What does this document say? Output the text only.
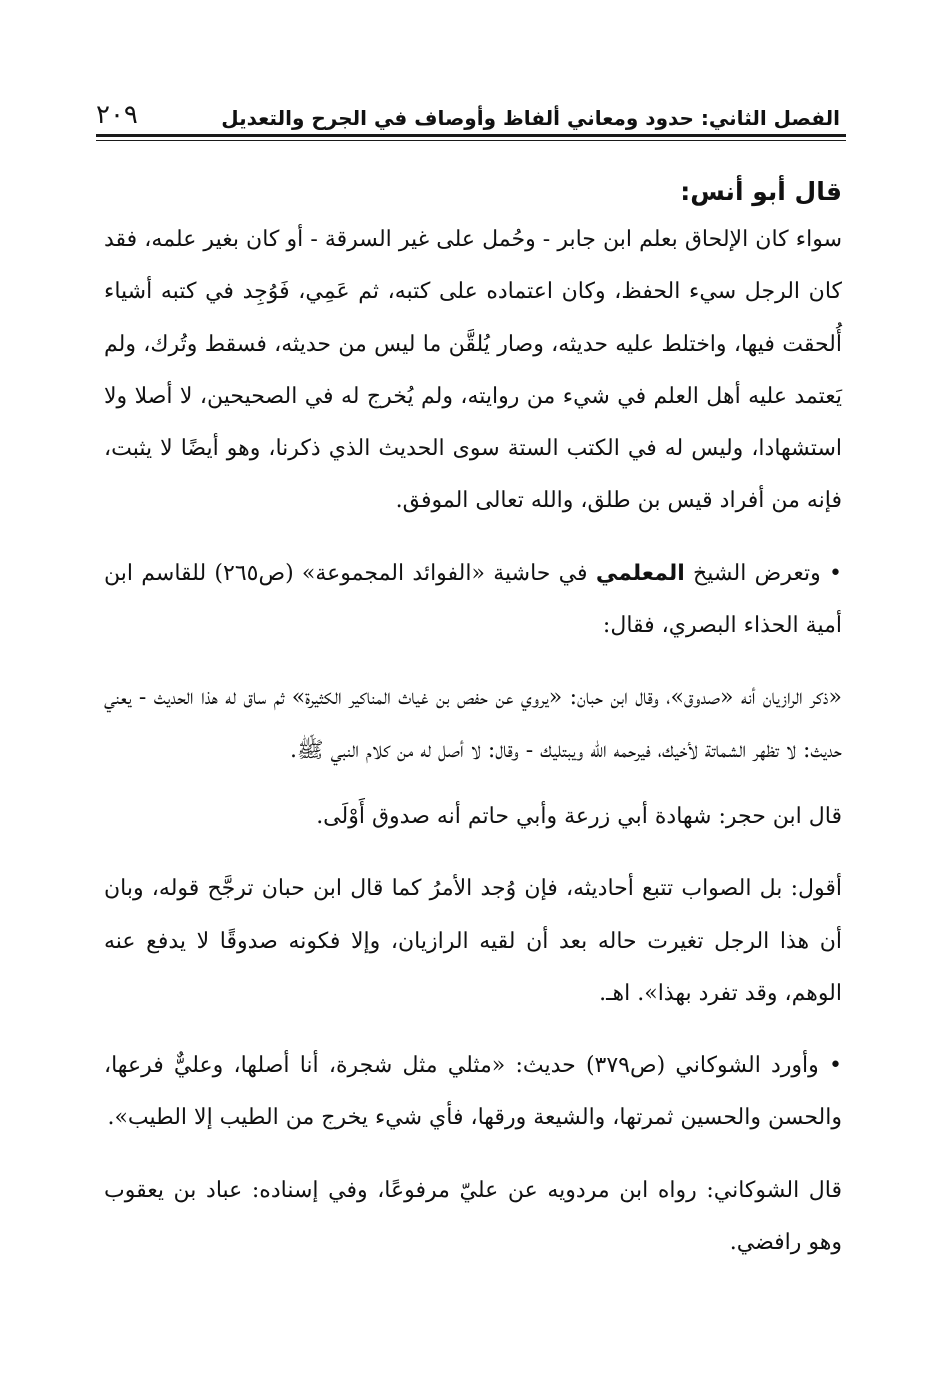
الفصل الثاني: حدود ومعاني ألفاظ وأوصاف في الجرح والتعديل
٢٠٩

قال أبو أنس:

سواء كان الإلحاق بعلم ابن جابر - وحُمل على غير السرقة - أو كان بغير علمه، فقد كان الرجل سيء الحفظ، وكان اعتماده على كتبه، ثم عَمِي، فَوُجِد في كتبه أشياء أُلحقت فيها، واختلط عليه حديثه، وصار يُلقَّن ما ليس من حديثه، فسقط وتُرك، ولم يَعتمد عليه أهل العلم في شيء من روايته، ولم يُخرج له في الصحيحين، لا أصلا ولا استشهادا، وليس له في الكتب الستة سوى الحديث الذي ذكرنا، وهو أيضًا لا يثبت، فإنه من أفراد قيس بن طلق، والله تعالى الموفق.

• وتعرض الشيخ المعلمي في حاشية «الفوائد المجموعة» (ص٢٦٥) للقاسم ابن أمية الحذاء البصري، فقال:

«ذكر الرازيان أنه «صدوق»، وقال ابن حبان: «يروي عن حفص بن غياث المناكير الكثيرة» ثم ساق له هذا الحديث - يعني حديث: لا تظهر الشماتة لأخيك، فيرحمه الله ويبتليك - وقال: لا أصل له من كلام النبي ﷺ.

قال ابن حجر: شهادة أبي زرعة وأبي حاتم أنه صدوق أَوْلَى.

أقول: بل الصواب تتبع أحاديثه، فإن وُجد الأمرُ كما قال ابن حبان ترجَّح قوله، وبان أن هذا الرجل تغيرت حاله بعد أن لقيه الرازيان، وإلا فكونه صدوقًا لا يدفع عنه الوهم، وقد تفرد بهذا». اهـ.

• وأورد الشوكاني (ص٣٧٩) حديث: «مثلي مثل شجرة، أنا أصلها، وعليٌّ فرعها، والحسن والحسين ثمرتها، والشيعة ورقها، فأي شيء يخرج من الطيب إلا الطيب».

قال الشوكاني: رواه ابن مردويه عن عليّ مرفوعًا، وفي إسناده: عباد بن يعقوب وهو رافضي.
